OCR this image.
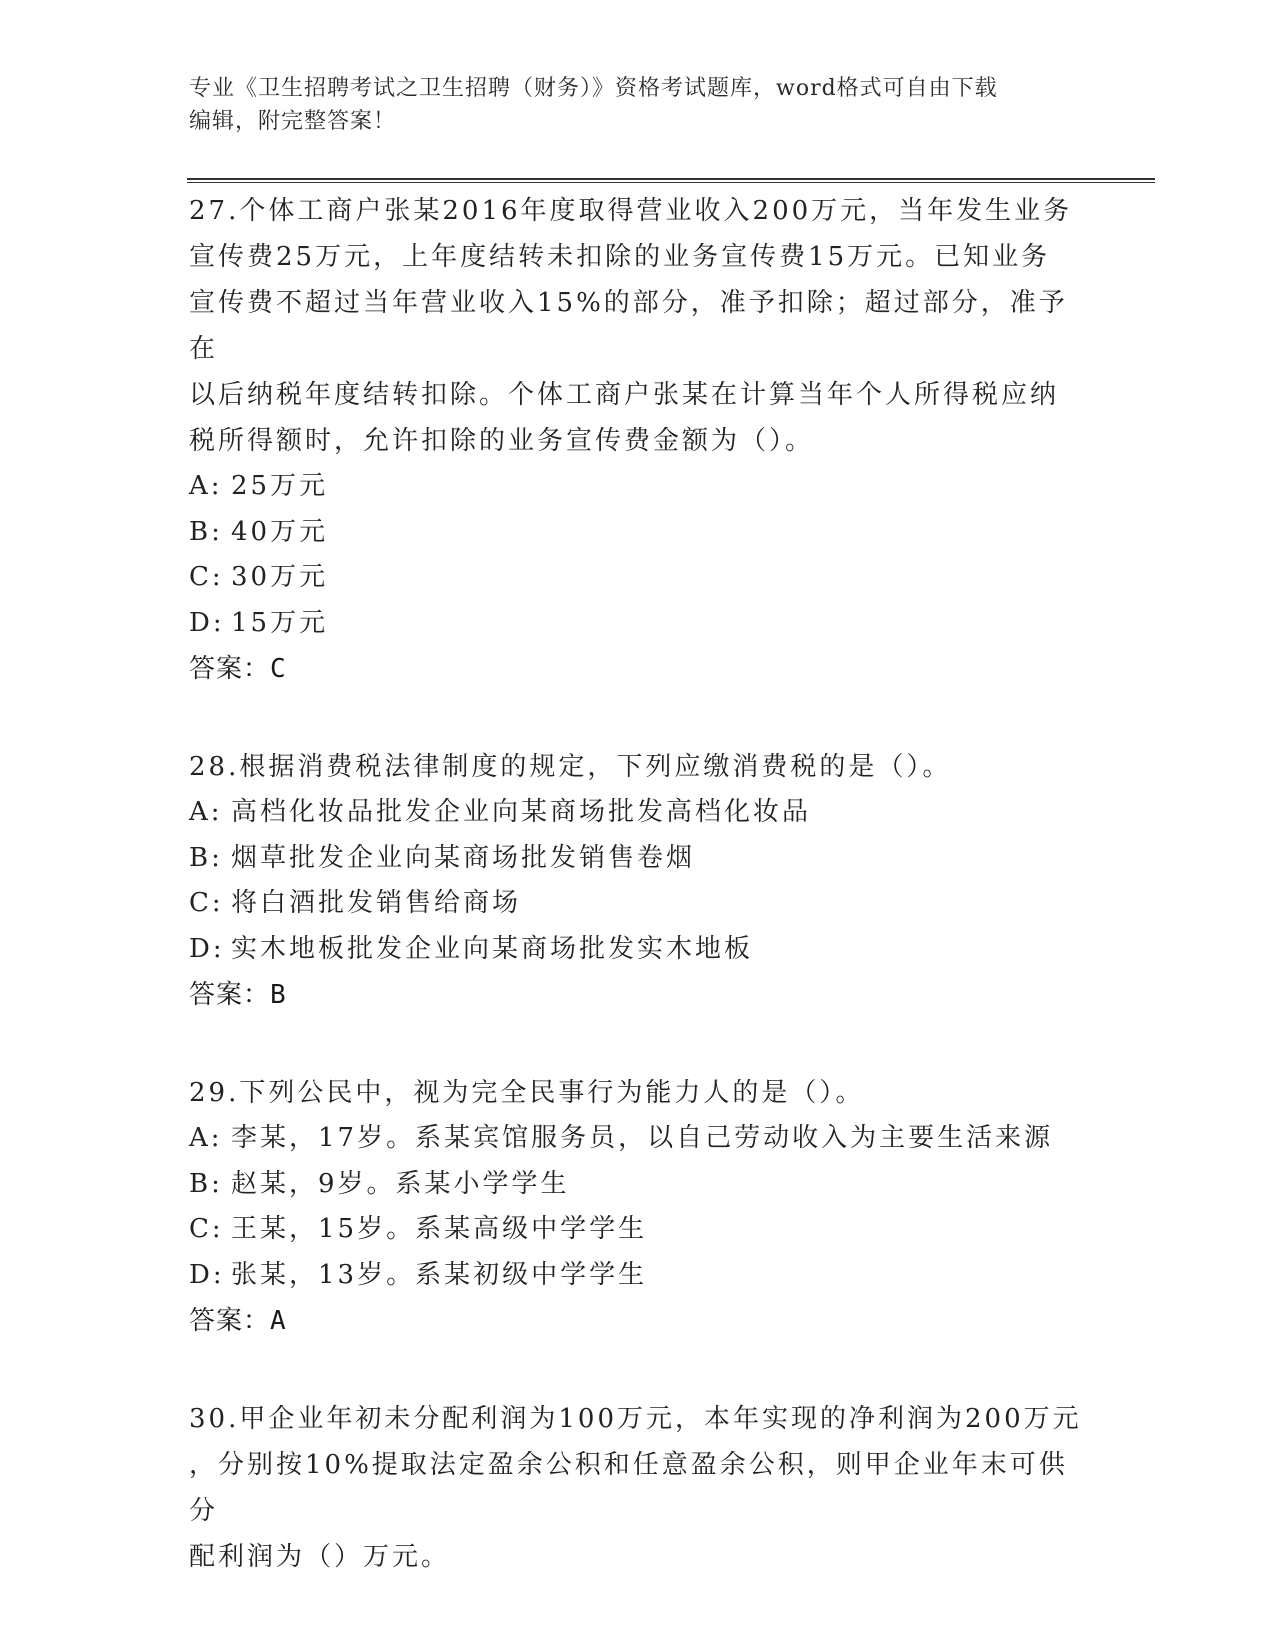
专业《卫生招聘考试之卫生招聘（财务）》资格考试题库，word格式可自由下载
编辑，附完整答案！

27.个体工商户张某2016年度取得营业收入200万元，当年发生业务

宣传费25万元，上年度结转未扣除的业务宣传费15万元。已知业务

宣传费不超过当年营业收入15%的部分，准予扣除；超过部分，准予在

以后纳税年度结转扣除。个体工商户张某在计算当年个人所得税应纳

税所得额时，允许扣除的业务宣传费金额为（）。

A: 25万元

B: 40万元

C: 30万元

D: 15万元

答案：C

28.根据消费税法律制度的规定，下列应缴消费税的是（）。

A: 高档化妆品批发企业向某商场批发高档化妆品

B: 烟草批发企业向某商场批发销售卷烟

C: 将白酒批发销售给商场

D: 实木地板批发企业向某商场批发实木地板

答案：B

29.下列公民中，视为完全民事行为能力人的是（）。

A: 李某，17岁。系某宾馆服务员，以自己劳动收入为主要生活来源

B: 赵某，9岁。系某小学学生

C: 王某，15岁。系某高级中学学生

D: 张某，13岁。系某初级中学学生

答案：A

30.甲企业年初未分配利润为100万元，本年实现的净利润为200万元

，分别按10%提取法定盈余公积和任意盈余公积，则甲企业年末可供分

配利润为（）万元。
